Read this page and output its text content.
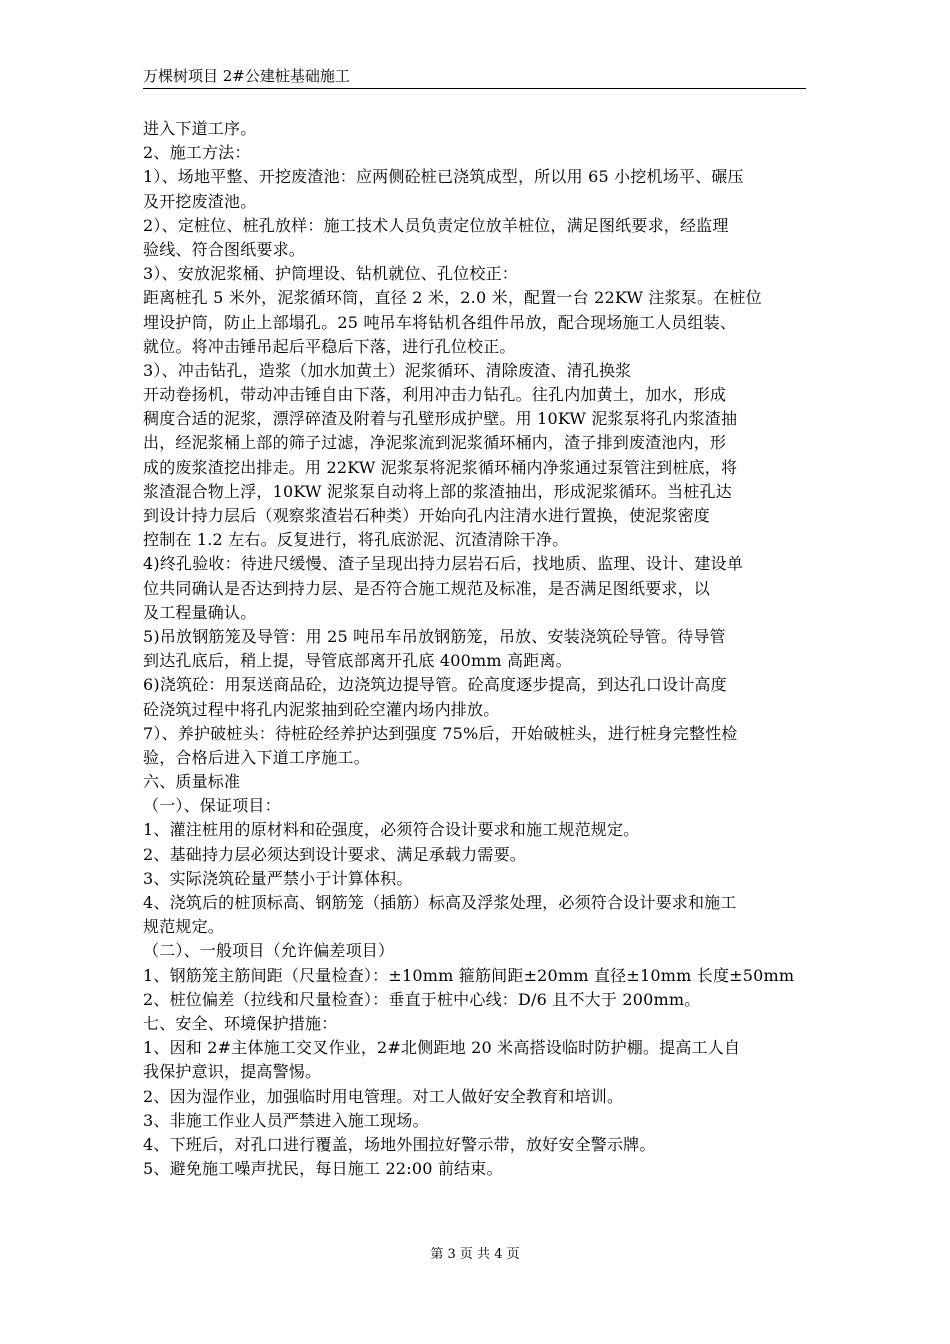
万棵树项目 2#公建桩基础施工
进入下道工序。
2、施工方法：
1）、场地平整、开挖废渣池：应两侧砼桩已浇筑成型，所以用 65 小挖机场平、碾压
及开挖废渣池。
2）、定桩位、桩孔放样：施工技术人员负责定位放羊桩位，满足图纸要求，经监理
验线、符合图纸要求。
3）、安放泥浆桶、护筒埋设、钻机就位、孔位校正：
距离桩孔 5 米外，泥浆循环筒，直径 2 米，2.0 米，配置一台 22KW 注浆泵。在桩位
埋设护筒，防止上部塌孔。25 吨吊车将钻机各组件吊放，配合现场施工人员组装、
就位。将冲击锤吊起后平稳后下落，进行孔位校正。
3）、冲击钻孔，造浆（加水加黄土）泥浆循环、清除废渣、清孔换浆
开动卷扬机，带动冲击锤自由下落，利用冲击力钻孔。往孔内加黄土，加水，形成
稠度合适的泥浆，漂浮碎渣及附着与孔壁形成护壁。用 10KW 泥浆泵将孔内浆渣抽
出，经泥浆桶上部的筛子过滤，净泥浆流到泥浆循环桶内，渣子排到废渣池内，形
成的废浆渣挖出排走。用 22KW 泥浆泵将泥浆循环桶内净浆通过泵管注到桩底，将
浆渣混合物上浮，10KW 泥浆泵自动将上部的浆渣抽出，形成泥浆循环。当桩孔达
到设计持力层后（观察浆渣岩石种类）开始向孔内注清水进行置换，使泥浆密度
控制在 1.2 左右。反复进行，将孔底淤泥、沉渣清除干净。
4)终孔验收：待进尺缓慢、渣子呈现出持力层岩石后，找地质、监理、设计、建设单
位共同确认是否达到持力层、是否符合施工规范及标准，是否满足图纸要求，以
及工程量确认。
5)吊放钢筋笼及导管：用 25 吨吊车吊放钢筋笼，吊放、安装浇筑砼导管。待导管
到达孔底后，稍上提，导管底部离开孔底 400mm 高距离。
6)浇筑砼：用泵送商品砼，边浇筑边提导管。砼高度逐步提高，到达孔口设计高度
砼浇筑过程中将孔内泥浆抽到砼空灌内场内排放。
7）、养护破桩头：待桩砼经养护达到强度 75%后，开始破桩头，进行桩身完整性检
验，合格后进入下道工序施工。
六、质量标准
（一）、保证项目：
1、灌注桩用的原材料和砼强度，必须符合设计要求和施工规范规定。
2、基础持力层必须达到设计要求、满足承载力需要。
3、实际浇筑砼量严禁小于计算体积。
4、浇筑后的桩顶标高、钢筋笼（插筋）标高及浮浆处理，必须符合设计要求和施工
规范规定。
（二）、一般项目（允许偏差项目）
1、钢筋笼主筋间距（尺量检查）：±10mm 箍筋间距±20mm 直径±10mm 长度±50mm
2、桩位偏差（拉线和尺量检查）：垂直于桩中心线：D/6 且不大于 200mm。
七、安全、环境保护措施：
1、因和 2#主体施工交叉作业，2#北侧距地 20 米高搭设临时防护棚。提高工人自
我保护意识，提高警惕。
2、因为湿作业，加强临时用电管理。对工人做好安全教育和培训。
3、非施工作业人员严禁进入施工现场。
4、下班后，对孔口进行覆盖，场地外围拉好警示带，放好安全警示牌。
5、避免施工噪声扰民，每日施工 22:00 前结束。
第 3 页 共 4 页
